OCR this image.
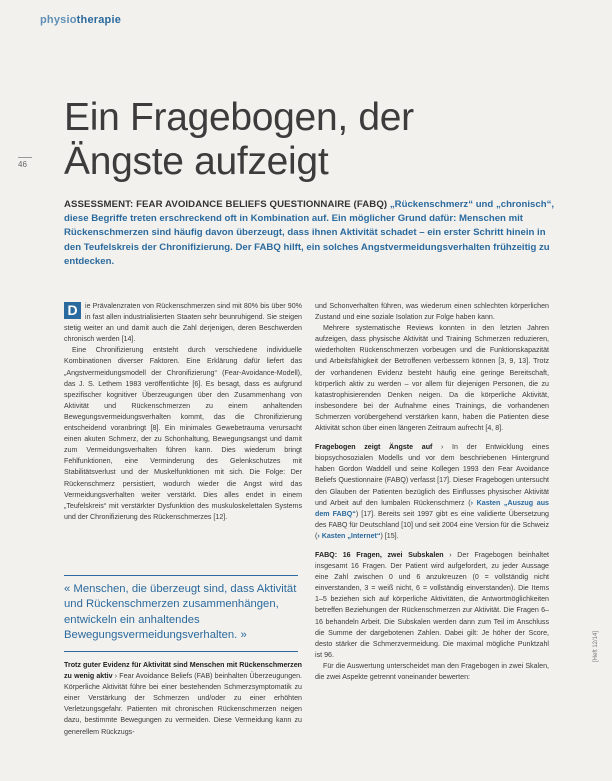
physiotherapie
46
Ein Fragebogen, der
Ängste aufzeigt
ASSESSMENT: FEAR AVOIDANCE BELIEFS QUESTIONNAIRE (FABQ) „Rückenschmerz“ und „chronisch“, diese Begriffe treten erschreckend oft in Kombination auf. Ein möglicher Grund dafür: Menschen mit Rückenschmerzen sind häufig davon überzeugt, dass ihnen Aktivität schadet – ein erster Schritt hinein in den Teufelskreis der Chronifizierung. Der FABQ hilft, ein solches Angstvermeidungsverhalten frühzeitig zu entdecken.

D	ie Prävalenzraten von Rückenschmerzen sind mit 80% bis über 90% in fast allen industrialisierten Staaten sehr beunruhigend. Sie steigen stetig weiter an und damit auch die Zahl derjenigen, deren Beschwerden chronisch werden [14].

Eine Chronifizierung entsteht durch verschiedene individuelle Kombinationen diverser Faktoren. Eine Erklärung dafür liefert das „Angstvermeidungsmodell der Chronifizierung“ (Fear-Avoidance-Modell), das J. S. Lethem 1983 veröffentlichte [6]. Es besagt, dass es aufgrund spezifischer kognitiver Überzeugungen über den Zusammenhang von Aktivität und Rückenschmerzen zu einem anhaltenden Bewegungsvermeidungsverhalten kommt, das die Chronifizierung entscheidend voranbringt [8]. Ein minimales Gewebetrauma verursacht einen akuten Schmerz, der zu Schonhaltung, Bewegungsangst und damit zum Vermeidungsverhalten führen kann. Dies wiederum bringt Fehlfunktionen, eine Verminderung des Gelenkschutzes mit Stabilitätsverlust und der Muskelfunktionen mit sich. Die Folge: Der Rückenschmerz persistiert, wodurch wieder die Angst wird das Vermeidungsverhalten weiter verstärkt. Dies alles endet in einem „Teufelskreis“ mit verstärkter Dysfunktion des muskuloskelettalen Systems und der Chronifizierung des Rückenschmerzes [12].

« Menschen, die überzeugt sind, dass Aktivität und Rückenschmerzen zusammenhängen, entwickeln ein anhaltendes Bewegungsvermeidungsverhalten. »

Trotz guter Evidenz für Aktivität sind Menschen mit Rückenschmerzen zu wenig aktiv › Fear Avoidance Beliefs (FAB) beinhalten Überzeugungen. Körperliche Aktivität führe bei einer bestehenden Schmerzsymptomatik zu einer Verstärkung der Schmerzen und/oder zu einer erhöhten Verletzungsgefahr. Patienten mit chronischen Rückenschmerzen neigen dazu, bestimmte Bewegungen zu vermeiden. Diese Vermeidung kann zu generellem Rückzugs-

und Schonverhalten führen, was wiederum einen schlechten körperlichen Zustand und eine soziale Isolation zur Folge haben kann.

Mehrere systematische Reviews konnten in den letzten Jahren aufzeigen, dass physische Aktivität und Training Schmerzen reduzieren, wiederholten Rückenschmerzen vorbeugen und die Funktionskapazität und Arbeitsfähigkeit der Betroffenen verbessern können [3, 9, 13]. Trotz der vorhandenen Evidenz besteht häufig eine geringe Bereitschaft, körperlich aktiv zu werden – vor allem für diejenigen Personen, die zu katastrophisierenden Denken neigen. Da die körperliche Aktivität, insbesondere bei der Aufnahme eines Trainings, die vorhandenen Schmerzen vorübergehend verstärken kann, haben die Patienten diese Aktivität schon über einen längeren Zeitraum aufrecht [4, 8].

Fragebogen zeigt Ängste auf › In der Entwicklung eines biopsychosozialen Modells und vor dem beschriebenen Hintergrund haben Gordon Waddell und seine Kollegen 1993 den Fear Avoidance Beliefs Questionnaire (FABQ) verfasst [17]. Dieser Fragebogen untersucht den Glauben der Patienten bezüglich des Einflusses physischer Aktivität und Arbeit auf den lumbalen Rückenschmerz (› Kasten „Auszug aus dem FABQ“) [17]. Bereits seit 1997 gibt es eine validierte Übersetzung des FABQ für Deutschland [10] und seit 2004 eine Version für die Schweiz (› Kasten „Internet“) [15].

FABQ: 16 Fragen, zwei Subskalen › Der Fragebogen beinhaltet insgesamt 16 Fragen. Der Patient wird aufgefordert, zu jeder Aussage eine Zahl zwischen 0 und 6 anzukreuzen (0 = vollständig nicht einverstanden, 3 = weiß nicht, 6 = vollständig einverstanden). Die Items 1–5 beziehen sich auf körperliche Aktivitäten, die Antwortmöglichkeiten betreffen Beziehungen der Rückenschmerzen zur Aktivität. Die Fragen 6–16 behandeln Arbeit. Die Subskalen werden dann zum Teil im Anschluss die Summe der dargebotenen Zahlen. Dabei gilt: Je höher der Score, desto stärker die Schmerzvermeidung. Die maximal mögliche Punktzahl ist 96.

Für die Auswertung unterscheidet man den Fragebogen in zwei Skalen, die zwei Aspekte getrennt voneinander bewerten:

[Heft 12/14]
